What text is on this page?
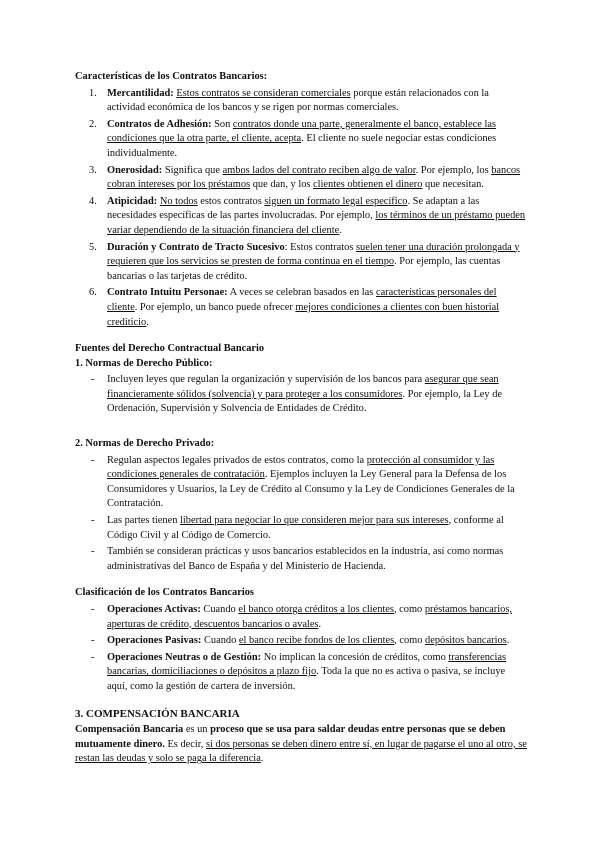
Características de los Contratos Bancarios:

1. Mercantilidad: Estos contratos se consideran comerciales porque están relacionados con la actividad económica de los bancos y se rigen por normas comerciales.
2. Contratos de Adhesión: Son contratos donde una parte, generalmente el banco, establece las condiciones que la otra parte, el cliente, acepta. El cliente no suele negociar estas condiciones individualmente.
3. Onerosidad: Significa que ambos lados del contrato reciben algo de valor. Por ejemplo, los bancos cobran intereses por los préstamos que dan, y los clientes obtienen el dinero que necesitan.
4. Atipicidad: No todos estos contratos siguen un formato legal específico. Se adaptan a las necesidades específicas de las partes involucradas. Por ejemplo, los términos de un préstamo pueden variar dependiendo de la situación financiera del cliente.
5. Duración y Contrato de Tracto Sucesivo: Estos contratos suelen tener una duración prolongada y requieren que los servicios se presten de forma continua en el tiempo. Por ejemplo, las cuentas bancarias o las tarjetas de crédito.
6. Contrato Intuitu Personae: A veces se celebran basados en las características personales del cliente. Por ejemplo, un banco puede ofrecer mejores condiciones a clientes con buen historial crediticio.

Fuentes del Derecho Contractual Bancario

1. Normas de Derecho Público:

- Incluyen leyes que regulan la organización y supervisión de los bancos para asegurar que sean financieramente sólidos (solvencia) y para proteger a los consumidores. Por ejemplo, la Ley de Ordenación, Supervisión y Solvencia de Entidades de Crédito.

2. Normas de Derecho Privado:

- Regulan aspectos legales privados de estos contratos, como la protección al consumidor y las condiciones generales de contratación. Ejemplos incluyen la Ley General para la Defensa de los Consumidores y Usuarios, la Ley de Crédito al Consumo y la Ley de Condiciones Generales de la Contratación.
- Las partes tienen libertad para negociar lo que consideren mejor para sus intereses, conforme al Código Civil y al Código de Comercio.
- También se consideran prácticas y usos bancarios establecidos en la industria, así como normas administrativas del Banco de España y del Ministerio de Hacienda.

Clasificación de los Contratos Bancarios

- Operaciones Activas: Cuando el banco otorga créditos a los clientes, como préstamos bancarios, aperturas de crédito, descuentos bancarios o avales.
- Operaciones Pasivas: Cuando el banco recibe fondos de los clientes, como depósitos bancarios.
- Operaciones Neutras o de Gestión: No implican la concesión de créditos, como transferencias bancarias, domiciliaciones o depósitos a plazo fijo. Toda la que no es activa o pasiva, se incluye aquí, como la gestión de cartera de inversión.

3. COMPENSACIÓN BANCARIA

Compensación Bancaria es un proceso que se usa para saldar deudas entre personas que se deben mutuamente dinero. Es decir, si dos personas se deben dinero entre sí, en lugar de pagarse el uno al otro, se restan las deudas y solo se paga la diferencia.
